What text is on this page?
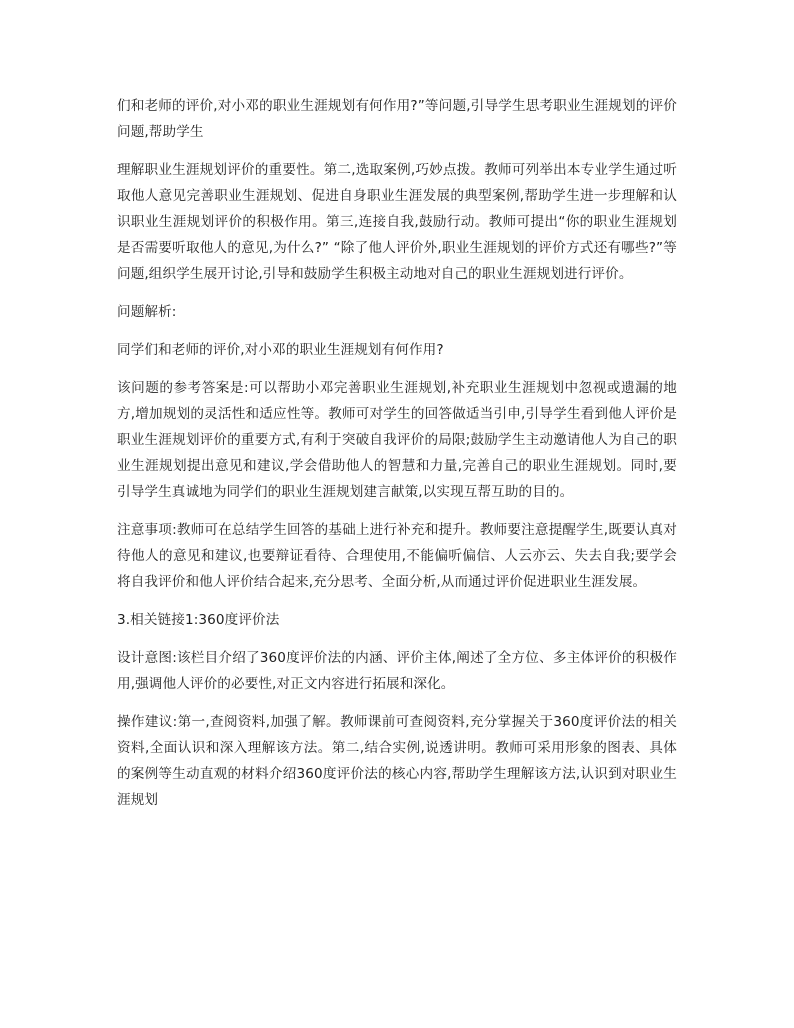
们和老师的评价,对小邓的职业生涯规划有何作用?”等问题,引导学生思考职业生涯规划的评价问题,帮助学生

理解职业生涯规划评价的重要性。第二,选取案例,巧妙点拨。教师可列举出本专业学生通过听取他人意见完善职业生涯规划、促进自身职业生涯发展的典型案例,帮助学生进一步理解和认识职业生涯规划评价的积极作用。第三,连接自我,鼓励行动。教师可提出“你的职业生涯规划是否需要听取他人的意见,为什么?” “除了他人评价外,职业生涯规划的评价方式还有哪些?”等问题,组织学生展开讨论,引导和鼓励学生积极主动地对自己的职业生涯规划进行评价。

问题解析:

同学们和老师的评价,对小邓的职业生涯规划有何作用?

该问题的参考答案是:可以帮助小邓完善职业生涯规划,补充职业生涯规划中忽视或遗漏的地方,增加规划的灵活性和适应性等。教师可对学生的回答做适当引申,引导学生看到他人评价是职业生涯规划评价的重要方式,有利于突破自我评价的局限;鼓励学生主动邀请他人为自己的职业生涯规划提出意见和建议,学会借助他人的智慧和力量,完善自己的职业生涯规划。同时,要引导学生真诚地为同学们的职业生涯规划建言献策,以实现互帮互助的目的。

注意事项:教师可在总结学生回答的基础上进行补充和提升。教师要注意提醒学生,既要认真对待他人的意见和建议,也要辩证看待、合理使用,不能偏听偏信、人云亦云、失去自我;要学会将自我评价和他人评价结合起来,充分思考、全面分析,从而通过评价促进职业生涯发展。

3.相关链接1:360度评价法

设计意图:该栏目介绍了360度评价法的内涵、评价主体,阐述了全方位、多主体评价的积极作用,强调他人评价的必要性,对正文内容进行拓展和深化。

操作建议:第一,查阅资料,加强了解。教师课前可查阅资料,充分掌握关于360度评价法的相关资料,全面认识和深入理解该方法。第二,结合实例,说透讲明。教师可采用形象的图表、具体的案例等生动直观的材料介绍360度评价法的核心内容,帮助学生理解该方法,认识到对职业生涯规划
